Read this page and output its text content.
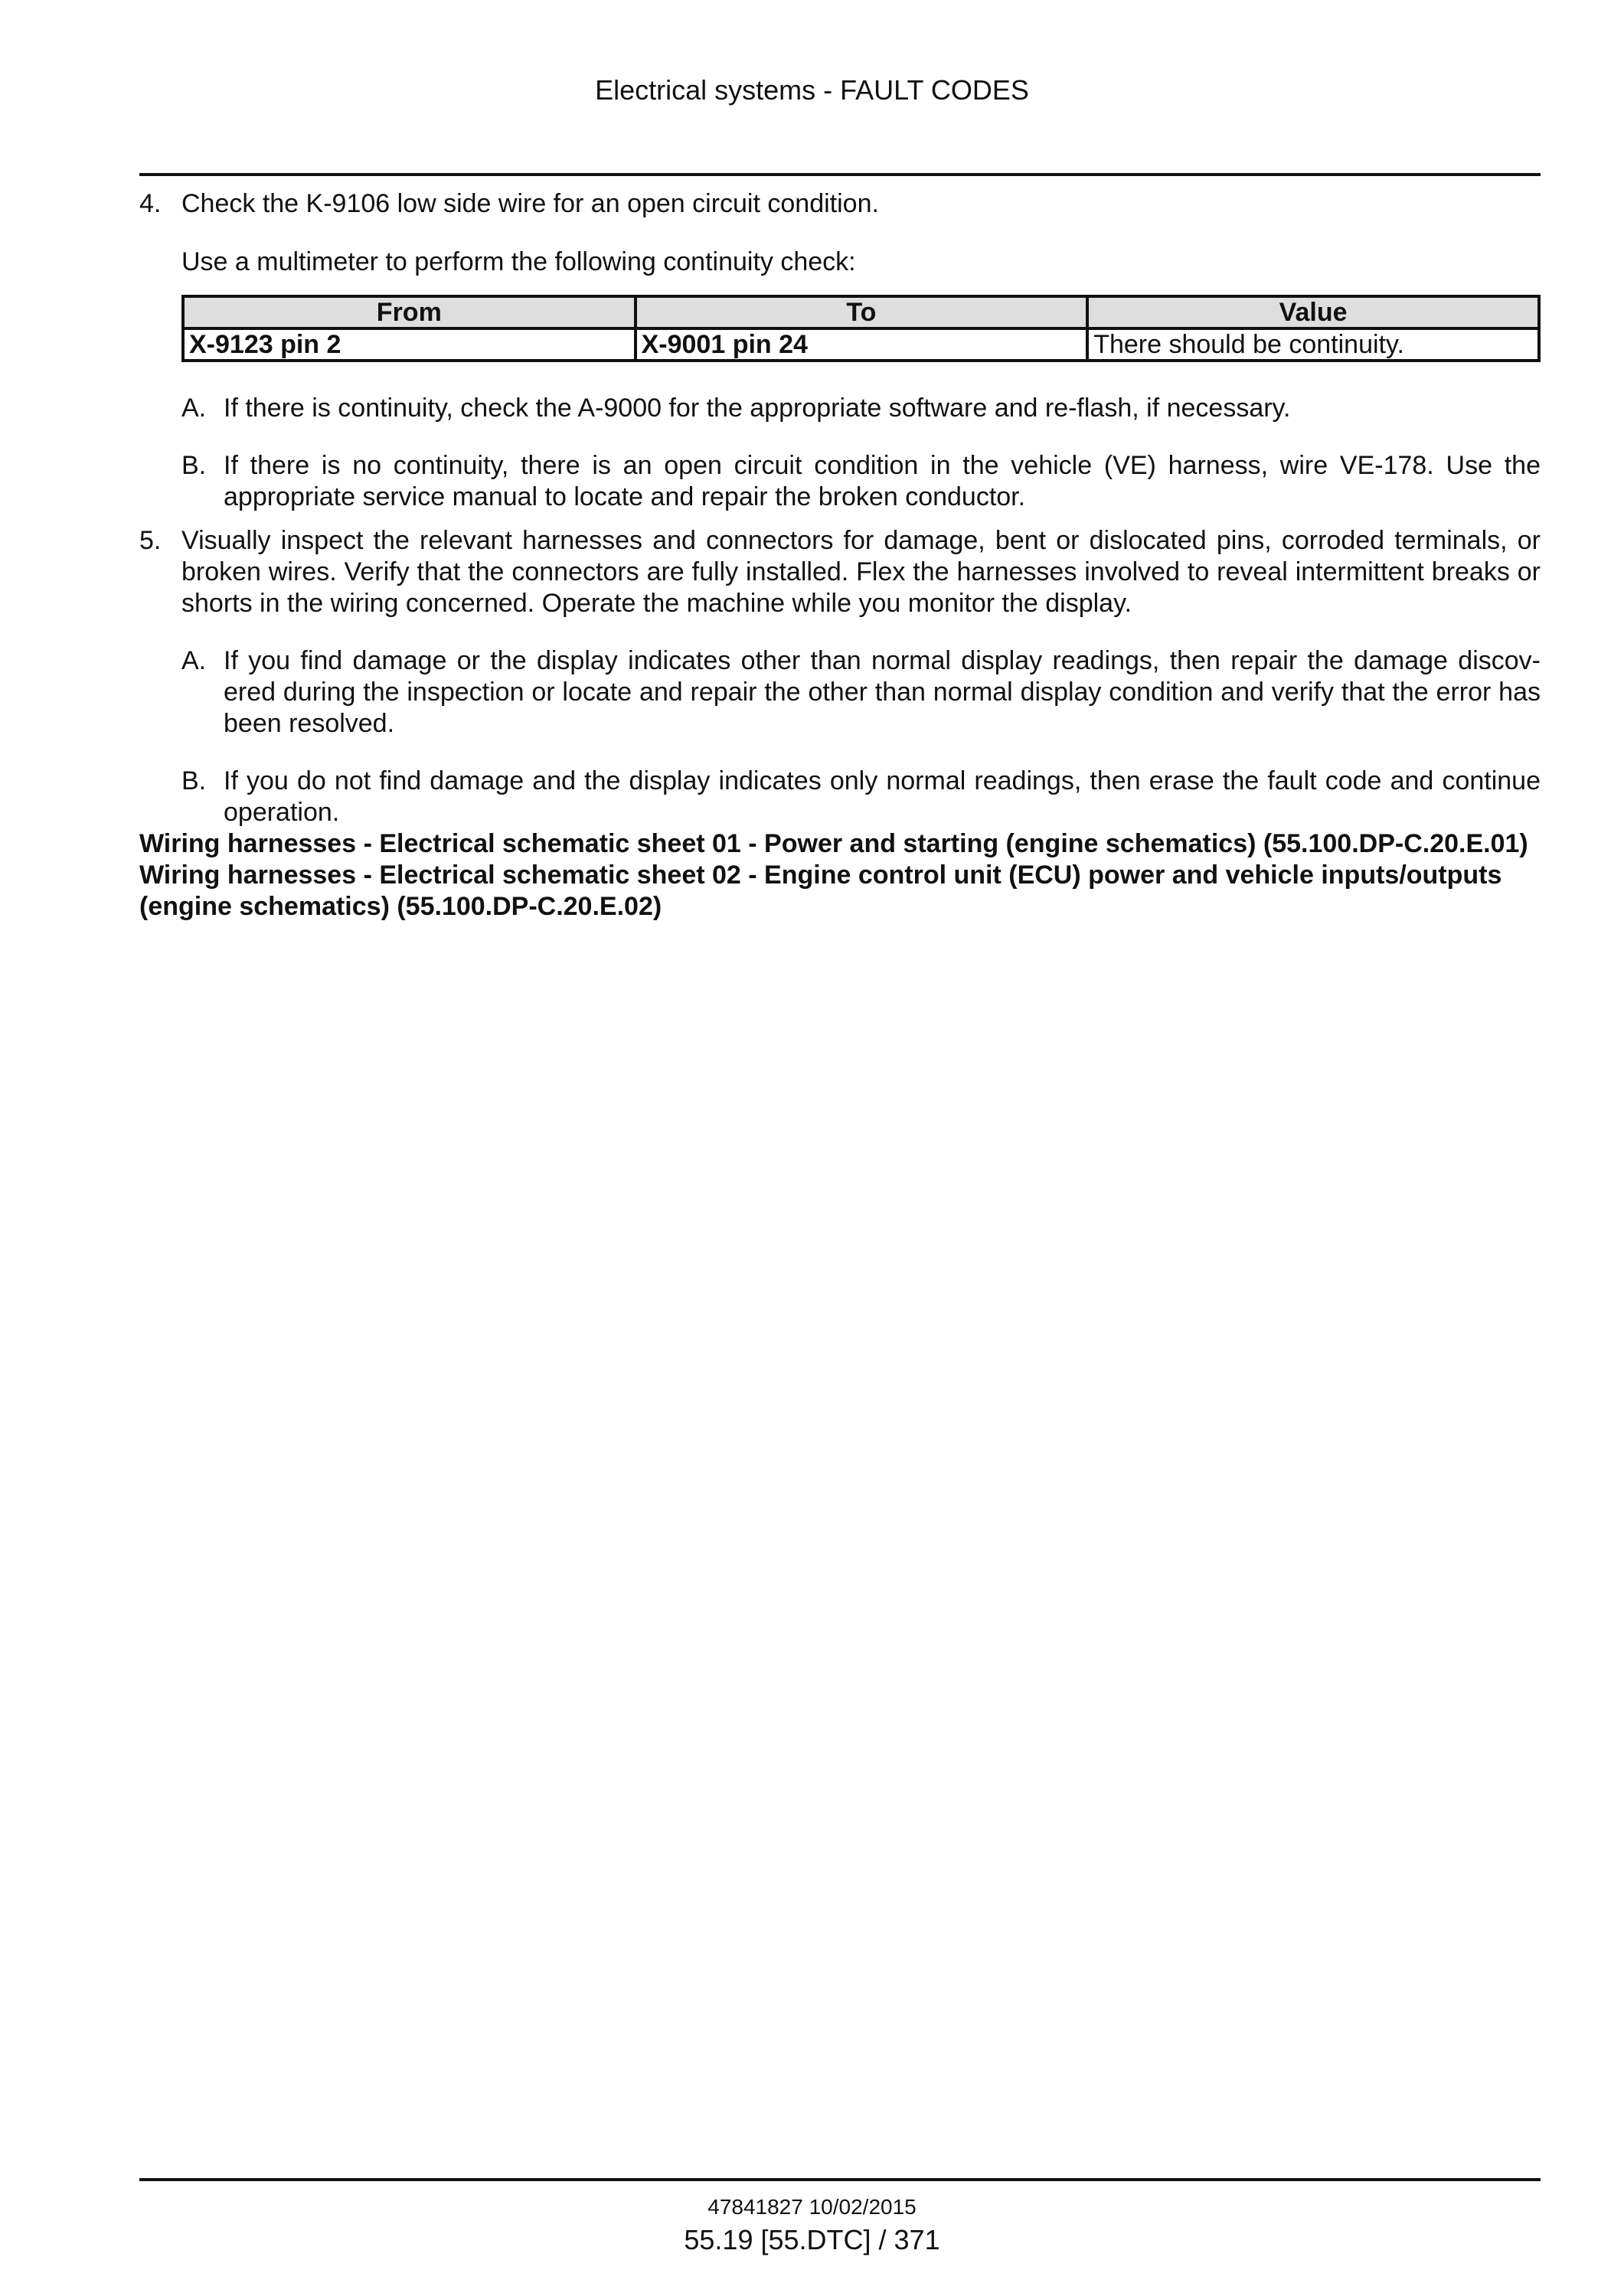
Electrical systems - FAULT CODES
4. Check the K-9106 low side wire for an open circuit condition.

Use a multimeter to perform the following continuity check:

From	To	Value
X-9123 pin 2	X-9001 pin 24	There should be continuity.
A. If there is continuity, check the A-9000 for the appropriate software and re-flash, if necessary.

B. If there is no continuity, there is an open circuit condition in the vehicle (VE) harness, wire VE-178. Use the appropriate service manual to locate and repair the broken conductor.

5. Visually inspect the relevant harnesses and connectors for damage, bent or dislocated pins, corroded terminals, or broken wires. Verify that the connectors are fully installed. Flex the harnesses involved to reveal intermittent breaks or shorts in the wiring concerned. Operate the machine while you monitor the display.

A. If you find damage or the display indicates other than normal display readings, then repair the damage discov-ered during the inspection or locate and repair the other than normal display condition and verify that the error has been resolved.

B. If you do not find damage and the display indicates only normal readings, then erase the fault code and continue operation.

Wiring harnesses - Electrical schematic sheet 01 - Power and starting (engine schematics) (55.100.DP-C.20.E.01)
Wiring harnesses - Electrical schematic sheet 02 - Engine control unit (ECU) power and vehicle inputs/outputs (engine schematics) (55.100.DP-C.20.E.02)
47841827 10/02/2015
55.19 [55.DTC] / 371
